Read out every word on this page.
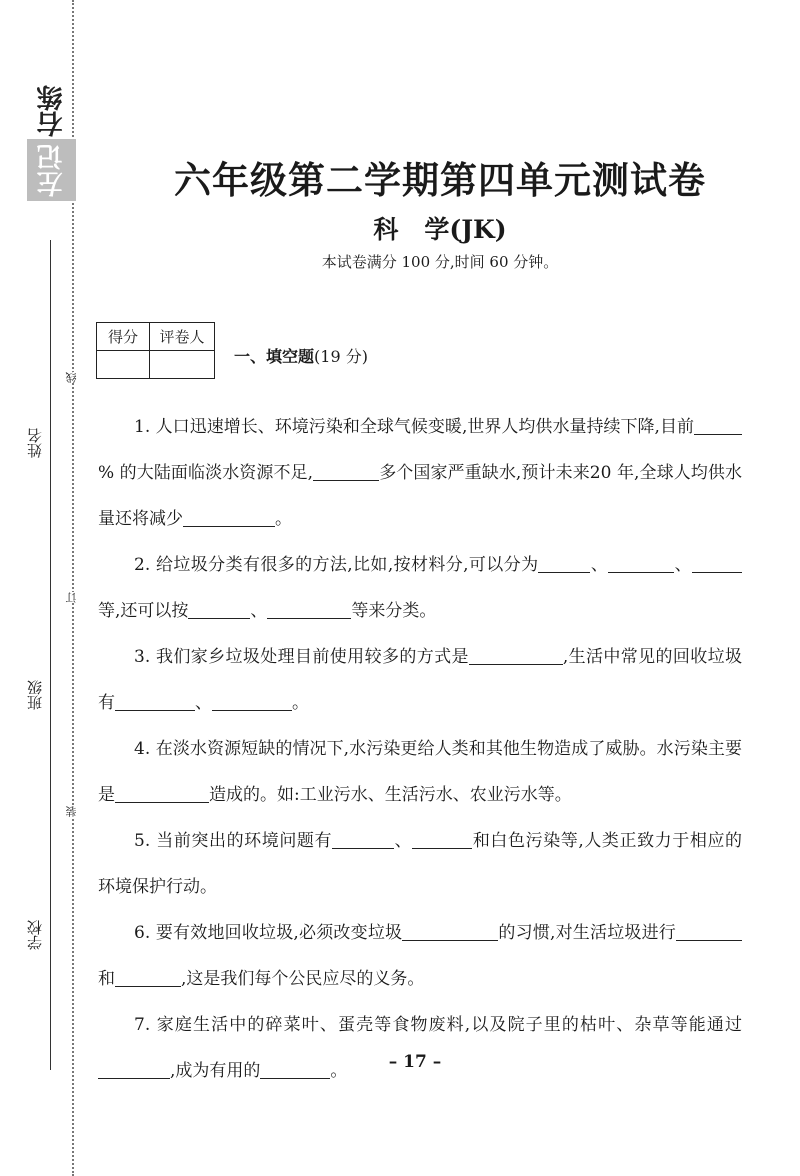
右练
左记
姓名
班级
学校
线
订
装
六年级第二学期第四单元测试卷
科 学(JK)
本试卷满分 100 分,时间 60 分钟。
得分	评卷人

一、填空题(19 分)

1. 人口迅速增长、环境污染和全球气候变暖,世界人均供水量持续下降,目前% 的大陆面临淡水资源不足,	多个国家严重缺水,预计未来20 年,全球人均供水量还将减少	。

2. 给垃圾分类有很多的方法,比如,按材料分,可以分为	、	、等,还可以按	、	等来分类。

3. 我们家乡垃圾处理目前使用较多的方式是	,生活中常见的回收垃圾有	、	。

4. 在淡水资源短缺的情况下,水污染更给人类和其他生物造成了威胁。水污染主要是	造成的。如:工业污水、生活污水、农业污水等。

5. 当前突出的环境问题有	、	和白色污染等,人类正致力于相应的环境保护行动。

6. 要有效地回收垃圾,必须改变垃圾	的习惯,对生活垃圾进行和	,这是我们每个公民应尽的义务。

7. 家庭生活中的碎菜叶、蛋壳等食物废料,以及院子里的枯叶、杂草等能通过,成为有用的	。	– 17 –
